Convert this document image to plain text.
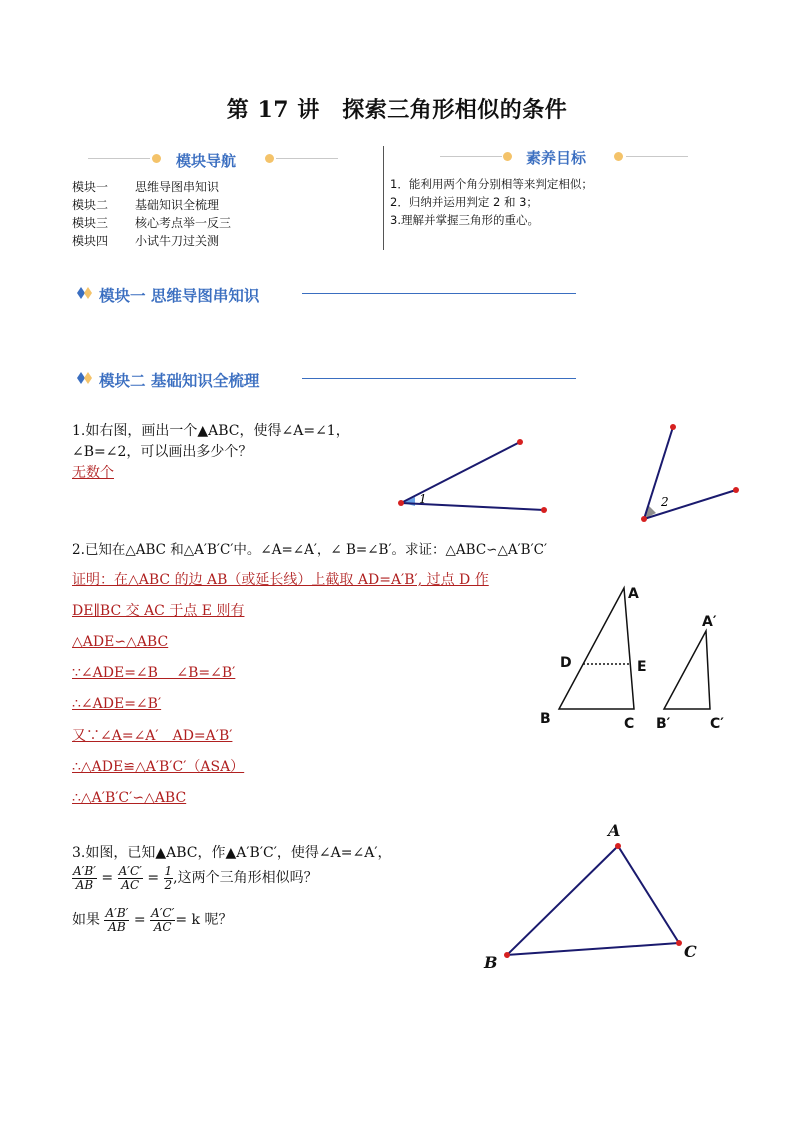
第 17 讲　探索三角形相似的条件
模块导航
模块一 思维导图串知识
模块二 基础知识全梳理
模块三 核心考点举一反三
模块四 小试牛刀过关测
素养目标
1．能利用两个角分别相等来判定相似；
2．归纳并运用判定 2 和 3；
3.理解并掌握三角形的重心。
模块一 思维导图串知识
模块二 基础知识全梳理
1.如右图，画出一个▲ABC，使得∠A=∠1，
∠B=∠2，可以画出多少个？
无数个
1	2
2.已知在△ABC 和△A′B′C′中。∠A=∠A′，∠ B=∠B′。求证：△ABC∽△A′B′C′
证明：在△ABC 的边 AB（或延长线）上截取 AD=A′B′, 过点 D 作
DE∥BC 交 AC 于点 E 则有
△ADE∽△ABC
∵∠ADE=∠B　 ∠B=∠B′
∴∠ADE=∠B′
又∵∠A=∠A′　AD=A′B′
∴△ADE≌△A′B′C′（ASA）
∴△A′B′C′∽△ABC
A
B	C
D	E
A′
B′	C′
3.如图，已知▲ABC，作▲A′B′C′，使得∠A=∠A′，
$\frac{A'B'}{AB} = \frac{A'C'}{AC} = \frac{1}{2}$ ,这两个三角形相似吗？
如果 $\frac{A'B'}{AB} = \frac{A'C'}{AC} = k$ 呢？
A
B
C
